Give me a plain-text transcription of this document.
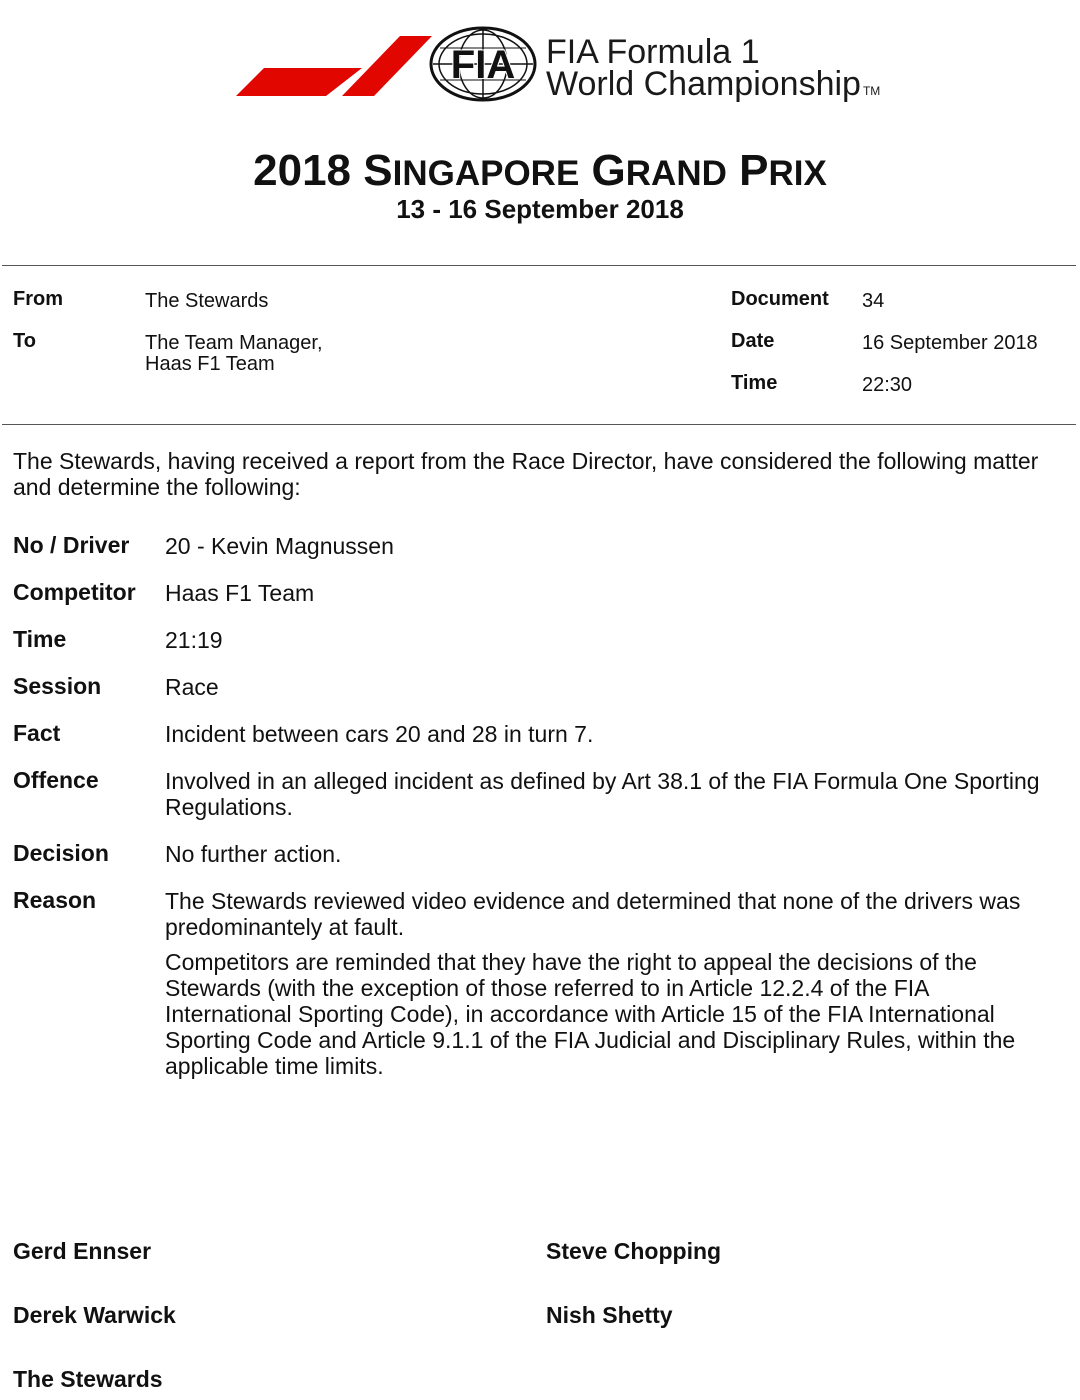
FIA FIA Formula 1
World Championship TM
2018 SINGAPORE GRAND PRIX
13 - 16 September 2018
From	The Stewards
To	The Team Manager,
Haas F1 Team
Document 34
Date	16 September 2018
Time	22:30
The Stewards, having received a report from the Race Director, have considered the following matter
and determine the following:
No / Driver 20 - Kevin Magnussen
Competitor Haas F1 Team
Time	21:19
Session	Race
Fact	Incident between cars 20 and 28 in turn 7.
Offence	Involved in an alleged incident as defined by Art 38.1 of the FIA Formula One Sporting
Regulations.
Decision No further action.
Reason	The Stewards reviewed video evidence and determined that none of the drivers was
predominantely at fault.
Competitors are reminded that they have the right to appeal the decisions of the
Stewards (with the exception of those referred to in Article 12.2.4 of the FIA
International Sporting Code), in accordance with Article 15 of the FIA International
Sporting Code and Article 9.1.1 of the FIA Judicial and Disciplinary Rules, within the
applicable time limits.
Gerd Ennser	Steve Chopping
Derek Warwick	Nish Shetty
The Stewards
